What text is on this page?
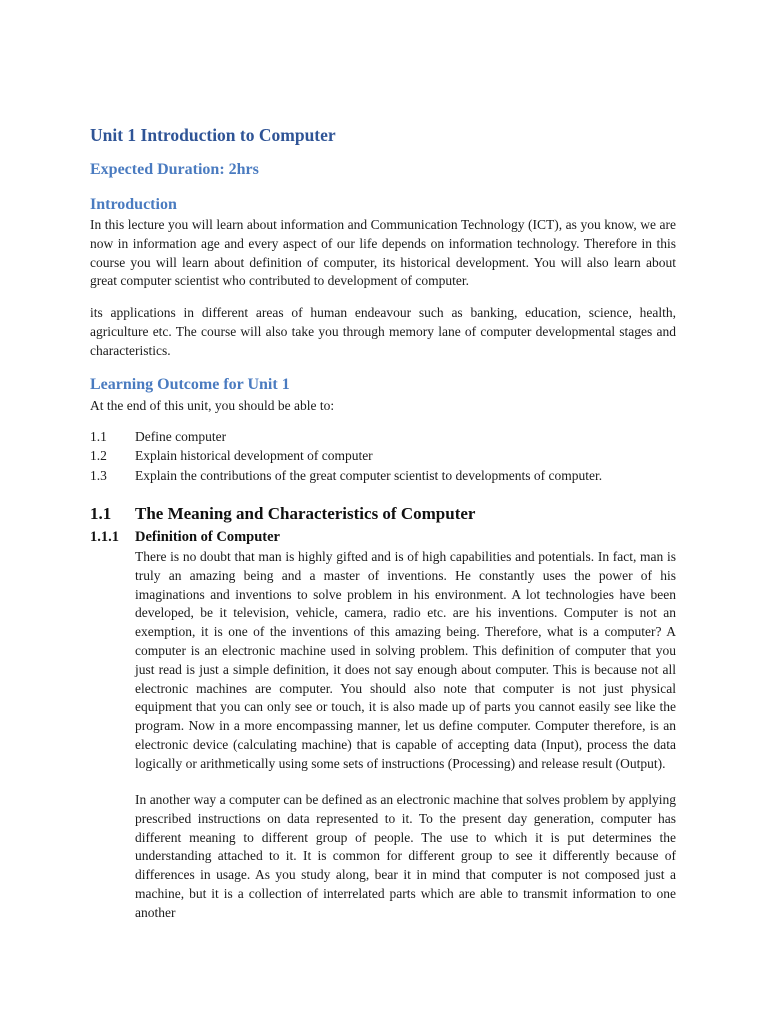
Unit 1 Introduction to Computer
Expected Duration: 2hrs
Introduction

In this lecture you will learn about information and Communication Technology (ICT), as you know, we are now in information age and every aspect of our life depends on information technology. Therefore in this course you will learn about definition of computer, its historical development. You will also learn about great computer scientist who contributed to development of computer.

its applications in different areas of human endeavour such as banking, education, science, health, agriculture etc. The course will also take you through memory lane of computer developmental stages and characteristics.

Learning Outcome for Unit 1

At the end of this unit, you should be able to:

1.1	Define computer
1.2	Explain historical development of computer
1.3	Explain the contributions of the great computer scientist to developments of computer.
1.1	The Meaning and Characteristics of Computer
1.1.1	Definition of Computer

There is no doubt that man is highly gifted and is of high capabilities and potentials. In fact, man is truly an amazing being and a master of inventions. He constantly uses the power of his imaginations and inventions to solve problem in his environment. A lot technologies have been developed, be it television, vehicle, camera, radio etc. are his inventions. Computer is not an exemption, it is one of the inventions of this amazing being. Therefore, what is a computer? A computer is an electronic machine used in solving problem. This definition of computer that you just read is just a simple definition, it does not say enough about computer. This is because not all electronic machines are computer. You should also note that computer is not just physical equipment that you can only see or touch, it is also made up of parts you cannot easily see like the program. Now in a more encompassing manner, let us define computer. Computer therefore, is an electronic device (calculating machine) that is capable of accepting data (Input), process the data logically or arithmetically using some sets of instructions (Processing) and release result (Output).

In another way a computer can be defined as an electronic machine that solves problem by applying prescribed instructions on data represented to it. To the present day generation, computer has different meaning to different group of people. The use to which it is put determines the understanding attached to it. It is common for different group to see it differently because of differences in usage. As you study along, bear it in mind that computer is not composed just a machine, but it is a collection of interrelated parts which are able to transmit information to one another
